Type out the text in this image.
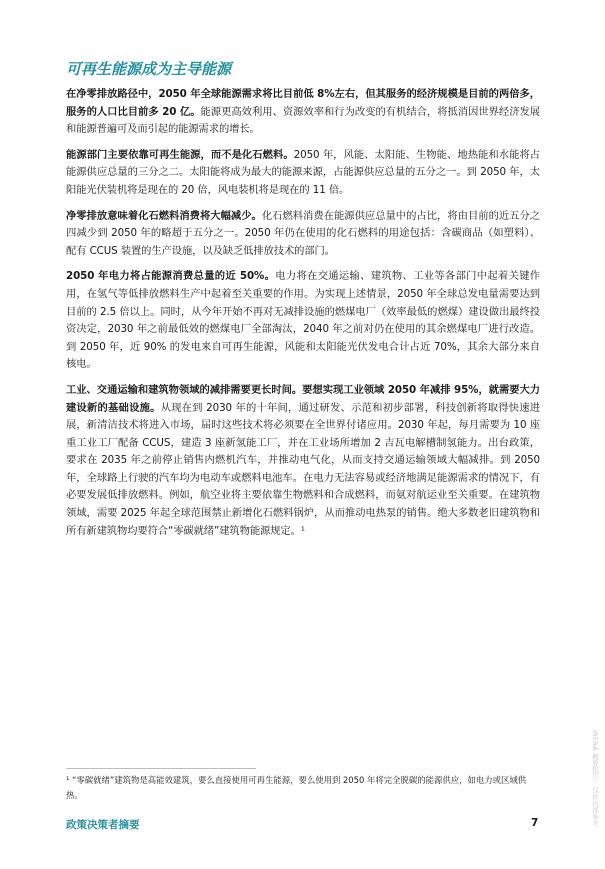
可再生能源成为主导能源

在净零排放路径中，2050 年全球能源需求将比目前低 8%左右，但其服务的经济规模是目前的两倍多，服务的人口比目前多 20 亿。能源更高效利用、资源效率和行为改变的有机结合，将抵消因世界经济发展和能源普遍可及而引起的能源需求的增长。

能源部门主要依靠可再生能源，而不是化石燃料。2050 年，风能、太阳能、生物能、地热能和水能将占能源供应总量的三分之二。太阳能将成为最大的能源来源，占能源供应总量的五分之一。到 2050 年，太阳能光伏装机将是现在的 20 倍，风电装机将是现在的 11 倍。

净零排放意味着化石燃料消费将大幅减少。化石燃料消费在能源供应总量中的占比，将由目前的近五分之四减少到 2050 年的略超于五分之一。2050 年仍在使用的化石燃料的用途包括：含碳商品（如塑料）、配有 CCUS 装置的生产设施，以及缺乏低排放技术的部门。

2050 年电力将占能源消费总量的近 50%。电力将在交通运输、建筑物、工业等各部门中起着关键作用，在氢气等低排放燃料生产中起着至关重要的作用。为实现上述情景，2050 年全球总发电量需要达到目前的 2.5 倍以上。同时，从今年开始不再对无减排设施的燃煤电厂（效率最低的燃煤）建设做出最终投资决定，2030 年之前最低效的燃煤电厂全部淘汰，2040 年之前对仍在使用的其余燃煤电厂进行改造。到 2050 年，近 90% 的发电来自可再生能源，风能和太阳能光伏发电合计占近 70%，其余大部分来自核电。

工业、交通运输和建筑物领域的减排需要更长时间。要想实现工业领域 2050 年减排 95%，就需要大力建设新的基础设施。从现在到 2030 年的十年间，通过研发、示范和初步部署，科技创新将取得快速进展，新清洁技术将进入市场，届时这些技术将必须要在全世界付诸应用。2030 年起，每月需要为 10 座重工业工厂配备 CCUS，建造 3 座新氢能工厂，并在工业场所增加 2 吉瓦电解槽制氢能力。出台政策，要求在 2035 年之前停止销售内燃机汽车，并推动电气化，从而支持交通运输领域大幅减排。到 2050 年，全球路上行驶的汽车均为电动车或燃料电池车。在电力无法容易或经济地满足能源需求的情况下，有必要发展低排放燃料。例如，航空业将主要依靠生物燃料和合成燃料，而氨对航运业至关重要。在建筑物领域，需要 2025 年起全球范围禁止新增化石燃料锅炉，从而推动电热泵的销售。绝大多数老旧建筑物和所有新建筑物均要符合“零碳就绪”建筑物能源规定。¹

¹ “零碳就绪”建筑物是高能效建筑，要么直接使用可再生能源，要么使用到 2050 年将完全脱碳的能源供应，如电力或区域供热。
政策决策者摘要	7	IRENA 概要报告 · 仅供内部参考
